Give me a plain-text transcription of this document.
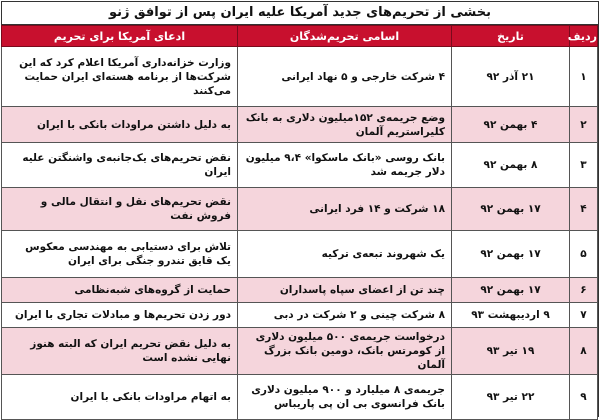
بخشی از تحریم‌های جدید آمریکا علیه ایران پس از توافق ژنو
ردیف	تاریخ	اسامی تحریم‌شدگان	ادعای آمریکا برای تحریم
۱	۲۱ آذر ۹۲	۴ شرکت خارجی و ۵ نهاد ایرانی	وزارت خزانه‌داری آمریکا اعلام کرد که این شرکت‌ها از برنامه‌ هسته‌ای ایران حمایت می‌کنند
۲	۴ بهمن ۹۲	وضع جریمه‌ی ۱۵۲میلیون دلاری به بانک کلیراستریم آلمان	به دلیل داشتن مراودات بانکی با ایران
۳	۸ بهمن ۹۲	بانک روسی «بانک ماسکوا» ۹،۴ میلیون دلار جریمه شد	نقض تحریم‌های یک‌جانبه‌ی واشنگتن علیه ایران
۴	۱۷ بهمن ۹۲	۱۸ شرکت و ۱۴ فرد ایرانی	نقض تحریم‌های نقل و انتقال مالی و فروش نفت
۵	۱۷ بهمن ۹۲	یک شهروند تبعه‌ی ترکیه	تلاش برای دستیابی به مهندسی معکوس یک قایق تندرو جنگی برای ایران
۶	۱۷ بهمن ۹۲	چند تن از اعضای سپاه پاسداران	حمایت از گروه‌های شبه‌نظامی
۷	۹ اردیبهشت ۹۳	۸ شرکت چینی و ۲ شرکت در دبی	دور زدن تحریم‌ها و مبادلات تجاری با ایران
۸	۱۹ تیر ۹۳	درخواست جریمه‌ی ۵۰۰ میلیون دلاری از کومرتس بانک، دومین بانک بزرگ آلمان	به دلیل نقض تحریم ایران که البته هنوز نهایی نشده است
۹	۲۲ تیر ۹۳	جریمه‌ی ۸ میلیارد و ۹۰۰ میلیون دلاری بانک فرانسوی بی ان پی پاریباس	به اتهام مراودات بانکی با ایران
